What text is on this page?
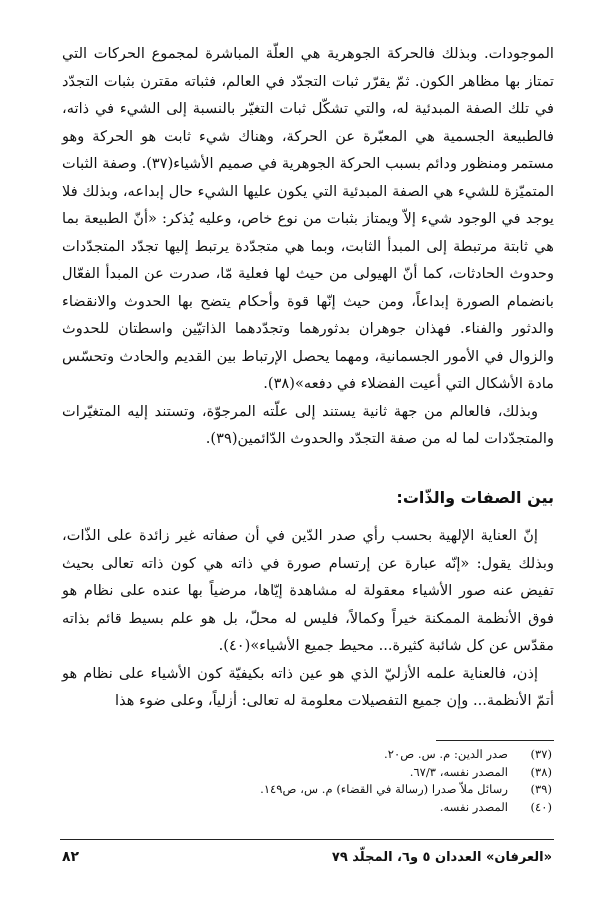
الموجودات. وبذلك فالحركة الجوهرية هي العلّة المباشرة لمجموع الحركات التي تمتاز بها مظاهر الكون. ثمّ يقرّر ثبات التجدّد في العالم، فثباته مقترن بثبات التجدّد في تلك الصفة المبدئية له، والتي تشكّل ثبات التغيّر بالنسبة إلى الشيء في ذاته، فالطبيعة الجسمية هي المعبّرة عن الحركة، وهناك شيء ثابت هو الحركة وهو مستمر ومنظور ودائم بسبب الحركة الجوهرية في صميم الأشياء(٣٧). وصفة الثبات المتميّزة للشيء هي الصفة المبدئية التي يكون عليها الشيء حال إبداعه، وبذلك فلا يوجد في الوجود شيء إلاّ ويمتاز بثبات من نوع خاص، وعليه يُذكر: «أنّ الطبيعة بما هي ثابتة مرتبطة إلى المبدأ الثابت، وبما هي متجدّدة يرتبط إليها تجدّد المتجدّدات وحدوث الحادثات، كما أنّ الهيولى من حيث لها فعلية مّا، صدرت عن المبدأ الفعّال بانضمام الصورة إبداعاً، ومن حيث إنّها قوة وأحكام يتضح بها الحدوث والانقضاء والدثور والفناء. فهذان جوهران بدثورهما وتجدّدهما الذاتيّين واسطتان للحدوث والزوال في الأمور الجسمانية، ومهما يحصل الإرتباط بين القديم والحادث وتحسّس مادة الأشكال التي أعيت الفضلاء في دفعه»(٣٨).

وبذلك، فالعالم من جهة ثانية يستند إلى علّته المرجوّة، وتستند إليه المتغيّرات والمتجدّدات لما له من صفة التجدّد والحدوث الدّائمين(٣٩).

بين الصفات والذّات:

إنّ العناية الإلهية بحسب رأي صدر الدّين في أن صفاته غير زائدة على الذّات، وبذلك يقول: «إنّه عبارة عن إرتسام صورة في ذاته هي كون ذاته تعالى بحيث تفيض عنه صور الأشياء معقولة له مشاهدة إيّاها، مرضياً بها عنده على نظام هو فوق الأنظمة الممكنة خيراً وكمالاً، فليس له محلّ، بل هو علم بسيط قائم بذاته مقدّس عن كل شائبة كثيرة... محيط جميع الأشياء»(٤٠).

إذن، فالعناية علمه الأزليّ الذي هو عين ذاته بكيفيّة كون الأشياء على نظام هو أتمّ الأنظمة... وإن جميع التفصيلات معلومة له تعالى: أزلياً، وعلى ضوء هذا

(٣٧)
صدر الدين: م. س. ص٢٠.
(٣٨)
المصدر نفسه، ٦٧/٣.
(٣٩)
رسائل ملاّ صدرا (رسالة في القضاء) م. س، ص١٤٩.
(٤٠)
المصدر نفسه.
«العرفان» العددان ٥ و٦، المجلّد ٧٩
٨٢
